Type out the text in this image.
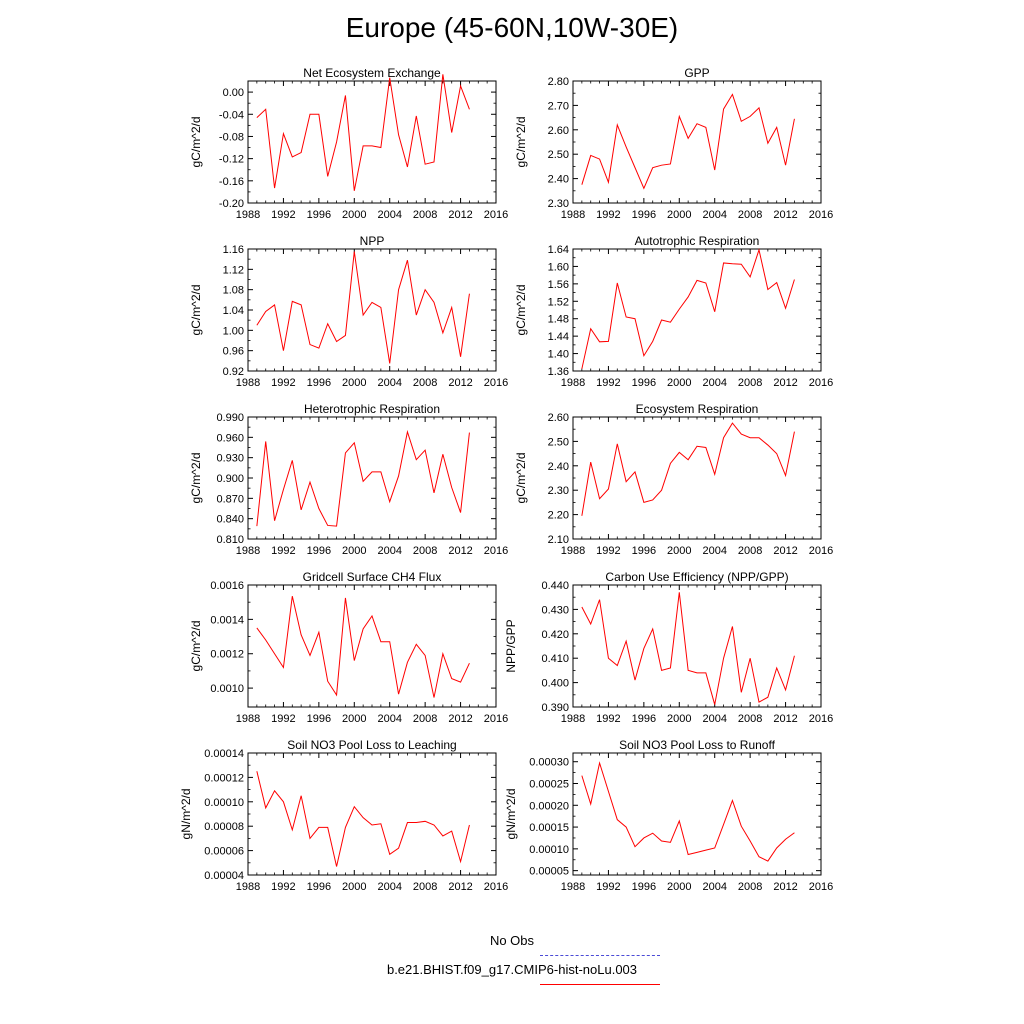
Europe (45-60N,10W-30E)
Net Ecosystem Exchange
1988 1992 1996 2000 2004 2008 2012 2016
-0.20
-0.16
-0.12
-0.08
-0.04
0.00
gC/m^2/d
GPP
1988 1992 1996 2000 2004 2008 2012 2016
2.30
2.40
2.50
2.60
2.70
2.80
gC/m^2/d
NPP
1988 1992 1996 2000 2004 2008 2012 2016
0.92
0.96
1.00
1.04
1.08
1.12
1.16
gC/m^2/d
Autotrophic Respiration
1988 1992 1996 2000 2004 2008 2012 2016
1.36
1.40
1.44
1.48
1.52
1.56
1.60
1.64
gC/m^2/d
Heterotrophic Respiration
1988 1992 1996 2000 2004 2008 2012 2016
0.810
0.840
0.870
0.900
0.930
0.960
0.990
gC/m^2/d
Ecosystem Respiration
1988 1992 1996 2000 2004 2008 2012 2016
2.10
2.20
2.30
2.40
2.50
2.60
gC/m^2/d
Gridcell Surface CH4 Flux
1988 1992 1996 2000 2004 2008 2012 2016
0.0010
0.0012
0.0014
0.0016
gC/m^2/d
Carbon Use Efficiency (NPP/GPP)
1988 1992 1996 2000 2004 2008 2012 2016
0.390
0.400
0.410
0.420
0.430
0.440
NPP/GPP
Soil NO3 Pool Loss to Leaching
1988 1992 1996 2000 2004 2008 2012 2016
0.00004
0.00006
0.00008
0.00010
0.00012
0.00014
gN/m^2/d
Soil NO3 Pool Loss to Runoff
1988 1992 1996 2000 2004 2008 2012 2016
0.00005
0.00010
0.00015
0.00020
0.00025
0.00030
gN/m^2/d
No Obs
b.e21.BHIST.f09_g17.CMIP6-hist-noLu.003
